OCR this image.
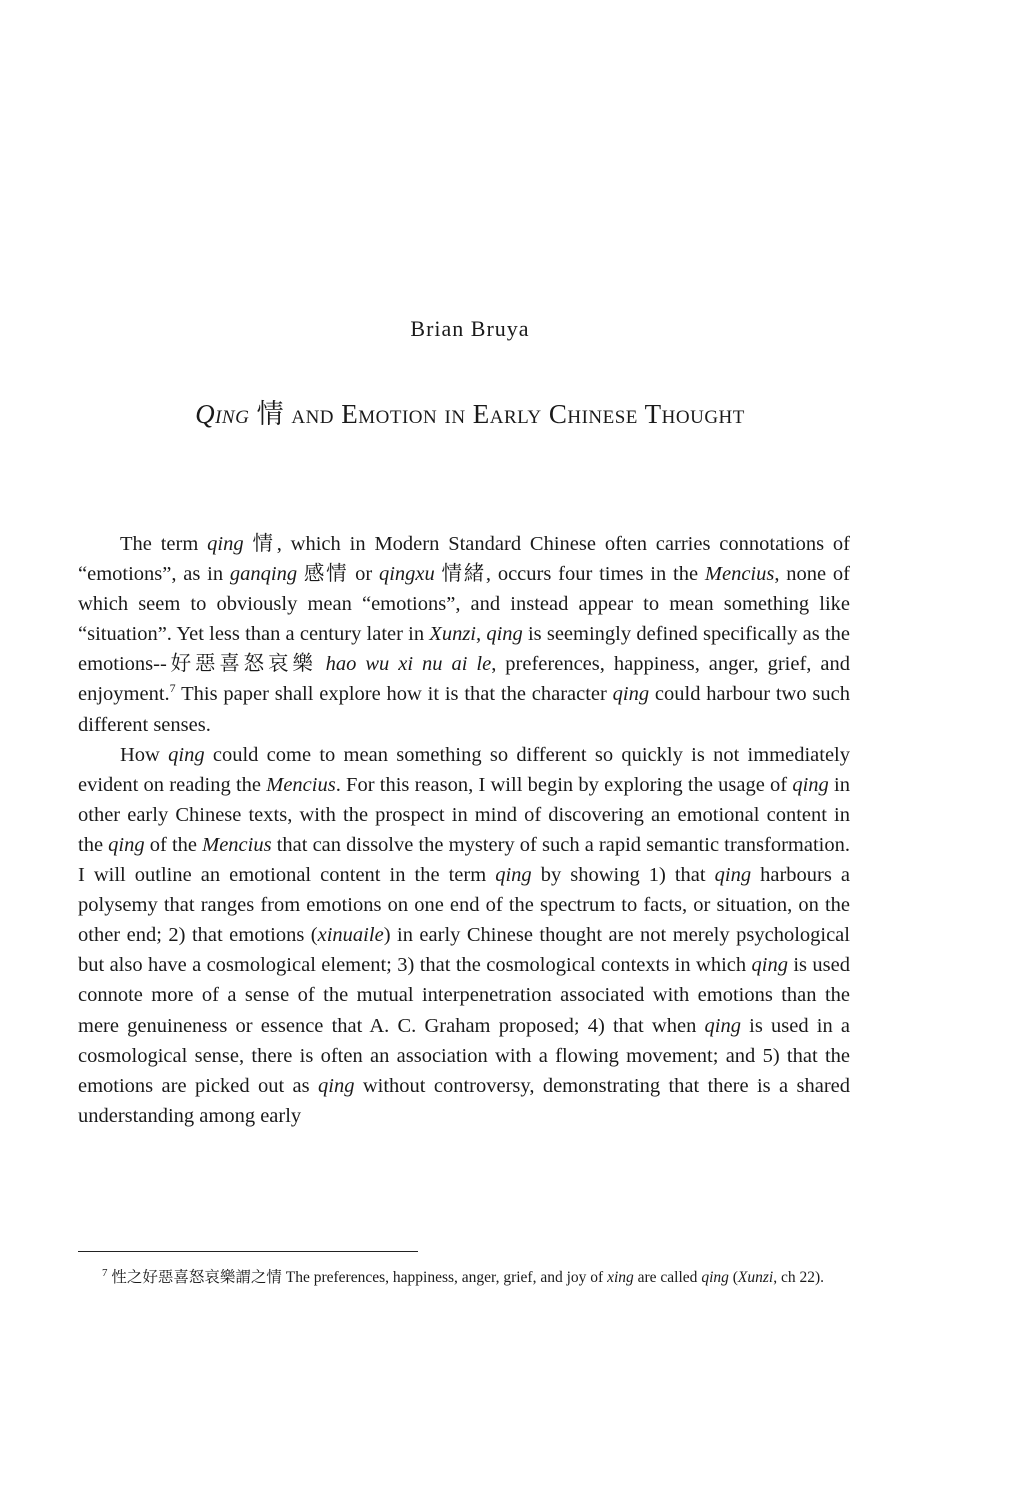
Brian Bruya
Qing 情 and Emotion in Early Chinese Thought

The term qing 情, which in Modern Standard Chinese often carries connotations of “emotions”, as in ganqing 感情 or qingxu 情緒, occurs four times in the Mencius, none of which seem to obviously mean “emotions”, and instead appear to mean something like “situation”. Yet less than a century later in Xunzi, qing is seemingly defined specifically as the emotions--好惡喜怒哀樂 hao wu xi nu ai le, preferences, happiness, anger, grief, and enjoyment.$^7$ This paper shall explore how it is that the character qing could harbour two such different senses.

How qing could come to mean something so different so quickly is not immediately evident on reading the Mencius. For this reason, I will begin by exploring the usage of qing in other early Chinese texts, with the prospect in mind of discovering an emotional content in the qing of the Mencius that can dissolve the mystery of such a rapid semantic transformation. I will outline an emotional content in the term qing by showing 1) that qing harbours a polysemy that ranges from emotions on one end of the spectrum to facts, or situation, on the other end; 2) that emotions (xinuaile) in early Chinese thought are not merely psychological but also have a cosmological element; 3) that the cosmological contexts in which qing is used connote more of a sense of the mutual interpenetration associated with emotions than the mere genuineness or essence that A. C. Graham proposed; 4) that when qing is used in a cosmological sense, there is often an association with a flowing movement; and 5) that the emotions are picked out as qing without controversy, demonstrating that there is a shared understanding among early

$^7$ 性之好惡喜怒哀樂謂之情 The preferences, happiness, anger, grief, and joy of xing are called qing (Xunzi, ch 22).
